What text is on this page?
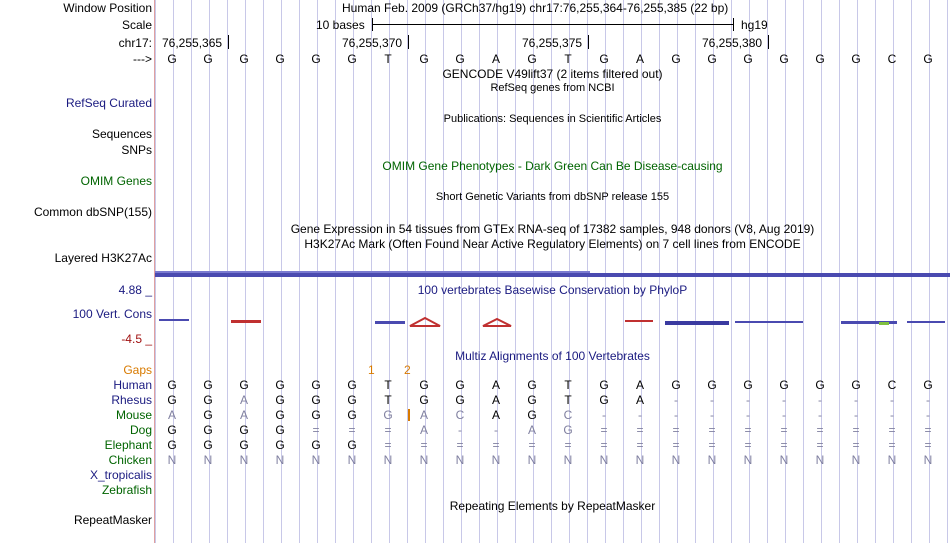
Window Position
Scale
chr17:
--->
RefSeq Curated
Sequences
SNPs
OMIM Genes
Common dbSNP(155)
Layered H3K27Ac
4.88 _
100 Vert. Cons
-4.5 _
Gaps
RepeatMasker
Human
Rhesus
Mouse
Dog
Elephant
Chicken
X_tropicalis
Zebrafish
Human Feb. 2009 (GRCh37/hg19) chr17:76,255,364-76,255,385 (22 bp)
10 bases	hg19
76,255,365	76,255,370	76,255,375	76,255,380
G	G	G	G	G	G	T	G	G	A	G	T	G	A	G	G	G	G	G	G	C	G
GENCODE V49lift37 (2 items filtered out)
RefSeq genes from NCBI
Publications: Sequences in Scientific Articles
OMIM Gene Phenotypes - Dark Green Can Be Disease-causing
Short Genetic Variants from dbSNP release 155
Gene Expression in 54 tissues from GTEx RNA-seq of 17382 samples, 948 donors (V8, Aug 2019)
H3K27Ac Mark (Often Found Near Active Regulatory Elements) on 7 cell lines from ENCODE
100 vertebrates Basewise Conservation by PhyloP
Multiz Alignments of 100 Vertebrates
1 2
G	G	G	G	G	G	T	G	G	A	G	T	G	A	G	G	G	G	G	G	C	G
G	G	A	G	G	G	T	G	G	A	G	T	G	A	-	-	-	-	-	-	-	-
A	G	A	G	G	G	G	A	C	A	G	C	-	-	-	-	-	-	-	-	-	-
G	G	G	G	=	=	=	A	-	-	A	G	=	=	=	=	=	=	=	=	=	=
G	G	G	G	G	G	=	=	=	=	=	=	=	=	=	=	=	=	=	=	=	=
N	N	N	N	N	N	N	N	N	N	N	N	N	N	N	N	N	N	N	N	N	N
Repeating Elements by RepeatMasker
